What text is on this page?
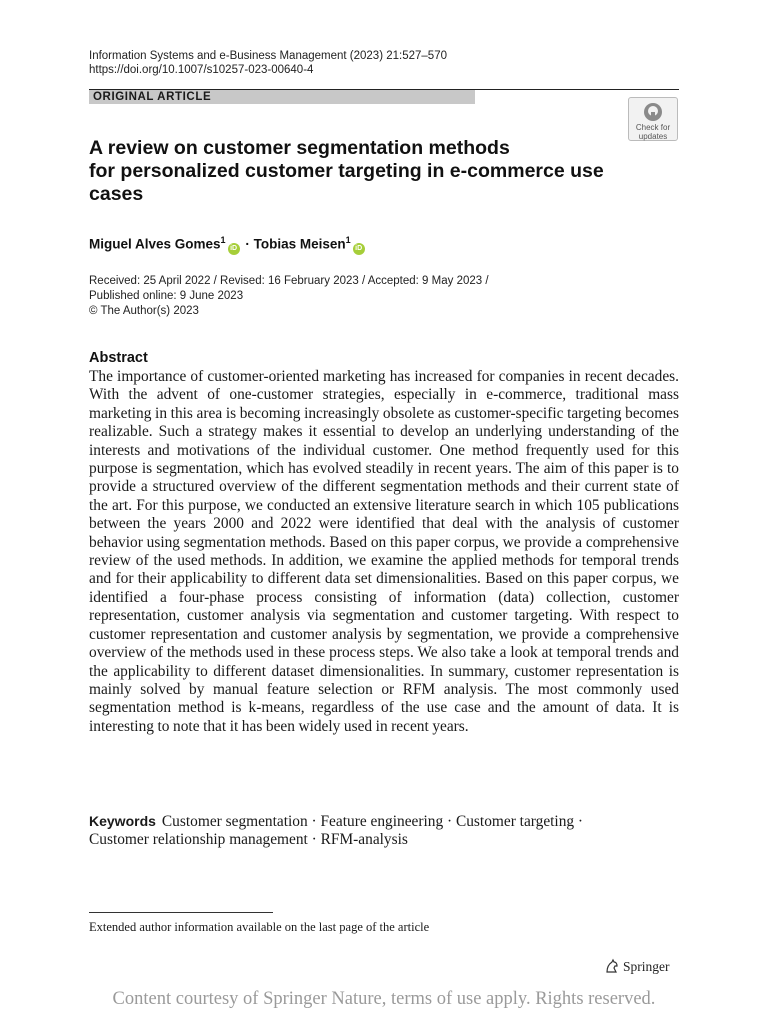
Information Systems and e-Business Management (2023) 21:527–570
https://doi.org/10.1007/s10257-023-00640-4
ORIGINAL ARTICLE
Check for
updates
A review on customer segmentation methods
for personalized customer targeting in e-commerce use
cases
Miguel Alves Gomes$^1$iD · Tobias Meisen$^1$iD
Received: 25 April 2022 / Revised: 16 February 2023 / Accepted: 9 May 2023 /
Published online: 9 June 2023
© The Author(s) 2023
Abstract
The importance of customer-oriented marketing has increased for companies in recent decades. With the advent of one-customer strategies, especially in e-commerce, traditional mass marketing in this area is becoming increasingly obsolete as customer-specific targeting becomes realizable. Such a strategy makes it essential to develop an underlying understanding of the interests and motivations of the individual customer. One method frequently used for this purpose is segmentation, which has evolved steadily in recent years. The aim of this paper is to provide a structured overview of the different segmentation methods and their current state of the art. For this purpose, we conducted an extensive literature search in which 105 publications between the years 2000 and 2022 were identified that deal with the analysis of customer behavior using segmentation methods. Based on this paper corpus, we provide a comprehensive review of the used methods. In addition, we examine the applied methods for temporal trends and for their applicability to different data set dimensionalities. Based on this paper corpus, we identified a four-phase process consisting of information (data) collection, customer representation, customer analysis via segmentation and customer targeting. With respect to customer representation and customer analysis by segmentation, we provide a comprehensive overview of the methods used in these process steps. We also take a look at temporal trends and the applicability to different dataset dimensionalities. In summary, customer representation is mainly solved by manual feature selection or RFM analysis. The most commonly used segmentation method is k-means, regardless of the use case and the amount of data. It is interesting to note that it has been widely used in recent years.
Keywords Customer segmentation · Feature engineering · Customer targeting ·
Customer relationship management · RFM-analysis
Extended author information available on the last page of the article
Springer
Content courtesy of Springer Nature, terms of use apply. Rights reserved.
